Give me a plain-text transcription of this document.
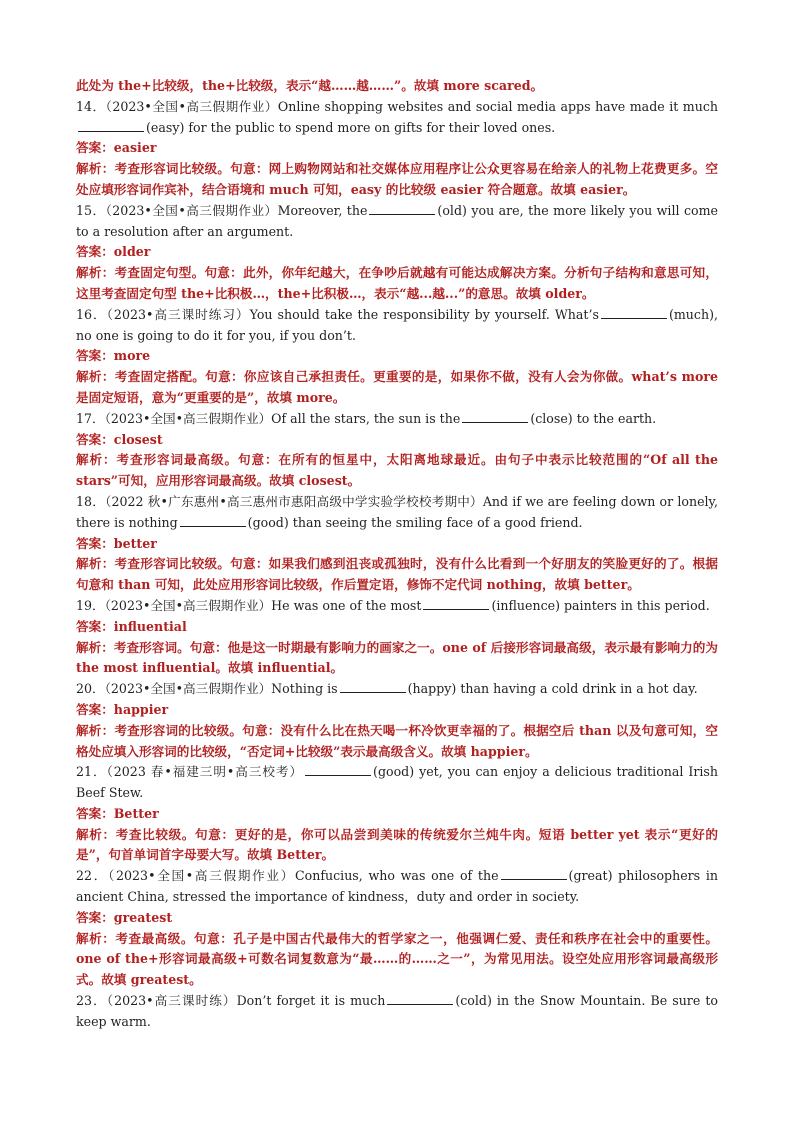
此处为 the+比较级，the+比较级，表示“越……越……”。故填 more scared。
14．（2023•全国•高三假期作业）Online shopping websites and social media apps have made it much(easy) for the public to spend more on gifts for their loved ones.
答案：easier
解析：考查形容词比较级。句意：网上购物网站和社交媒体应用程序让公众更容易在给亲人的礼物上花费更多。空处应填形容词作宾补，结合语境和 much 可知，easy 的比较级 easier 符合题意。故填 easier。
15．（2023•全国•高三假期作业）Moreover, the	(old) you are, the more likely you will come to a resolution after an argument.
答案：older
解析：考查固定句型。句意：此外，你年纪越大，在争吵后就越有可能达成解决方案。分析句子结构和意思可知，这里考查固定句型 the+比积极…，the+比积极…，表示“越...越...”的意思。故填 older。
16．（2023•高三课时练习）You should take the responsibility by yourself. What’s	(much), no one is going to do it for you, if you don’t.
答案：more
解析：考查固定搭配。句意：你应该自己承担责任。更重要的是，如果你不做，没有人会为你做。what’s more 是固定短语，意为“更重要的是”，故填 more。
17．（2023•全国•高三假期作业）Of all the stars, the sun is the	(close) to the earth.
答案：closest
解析：考查形容词最高级。句意：在所有的恒星中，太阳离地球最近。由句子中表示比较范围的“Of all the stars”可知，应用形容词最高级。故填 closest。
18．（2022 秋•广东惠州•高三惠州市惠阳高级中学实验学校校考期中）And if we are feeling down or lonely, there is nothing	(good) than seeing the smiling face of a good friend.
答案：better
解析：考查形容词比较级。句意：如果我们感到沮丧或孤独时，没有什么比看到一个好朋友的笑脸更好的了。根据句意和 than 可知，此处应用形容词比较级，作后置定语，修饰不定代词 nothing，故填 better。
19．（2023•全国•高三假期作业）He was one of the most	(influence) painters in this period.
答案：influential
解析：考查形容词。句意：他是这一时期最有影响力的画家之一。one of 后接形容词最高级，表示最有影响力的为 the most influential。故填 influential。
20．（2023•全国•高三假期作业）Nothing is	(happy) than having a cold drink in a hot day.
答案：happier
解析：考查形容词的比较级。句意：没有什么比在热天喝一杯冷饮更幸福的了。根据空后 than 以及句意可知，空格处应填入形容词的比较级，“否定词+比较级”表示最高级含义。故填 happier。
21．（2023 春•福建三明•高三校考）	(good) yet, you can enjoy a delicious traditional Irish Beef Stew.
答案：Better
解析：考查比较级。句意：更好的是，你可以品尝到美味的传统爱尔兰炖牛肉。短语 better yet 表示“更好的是”，句首单词首字母要大写。故填 Better。
22．（2023•全国•高三假期作业）Confucius, who was one of the	(great) philosophers in ancient China, stressed the importance of kindness，duty and order in society.
答案：greatest
解析：考查最高级。句意：孔子是中国古代最伟大的哲学家之一，他强调仁爱、责任和秩序在社会中的重要性。one of the+形容词最高级+可数名词复数意为“最……的……之一”，为常见用法。设空处应用形容词最高级形式。故填 greatest。
23．（2023•高三课时练）Don’t forget it is much	(cold) in the Snow Mountain. Be sure to keep warm.
